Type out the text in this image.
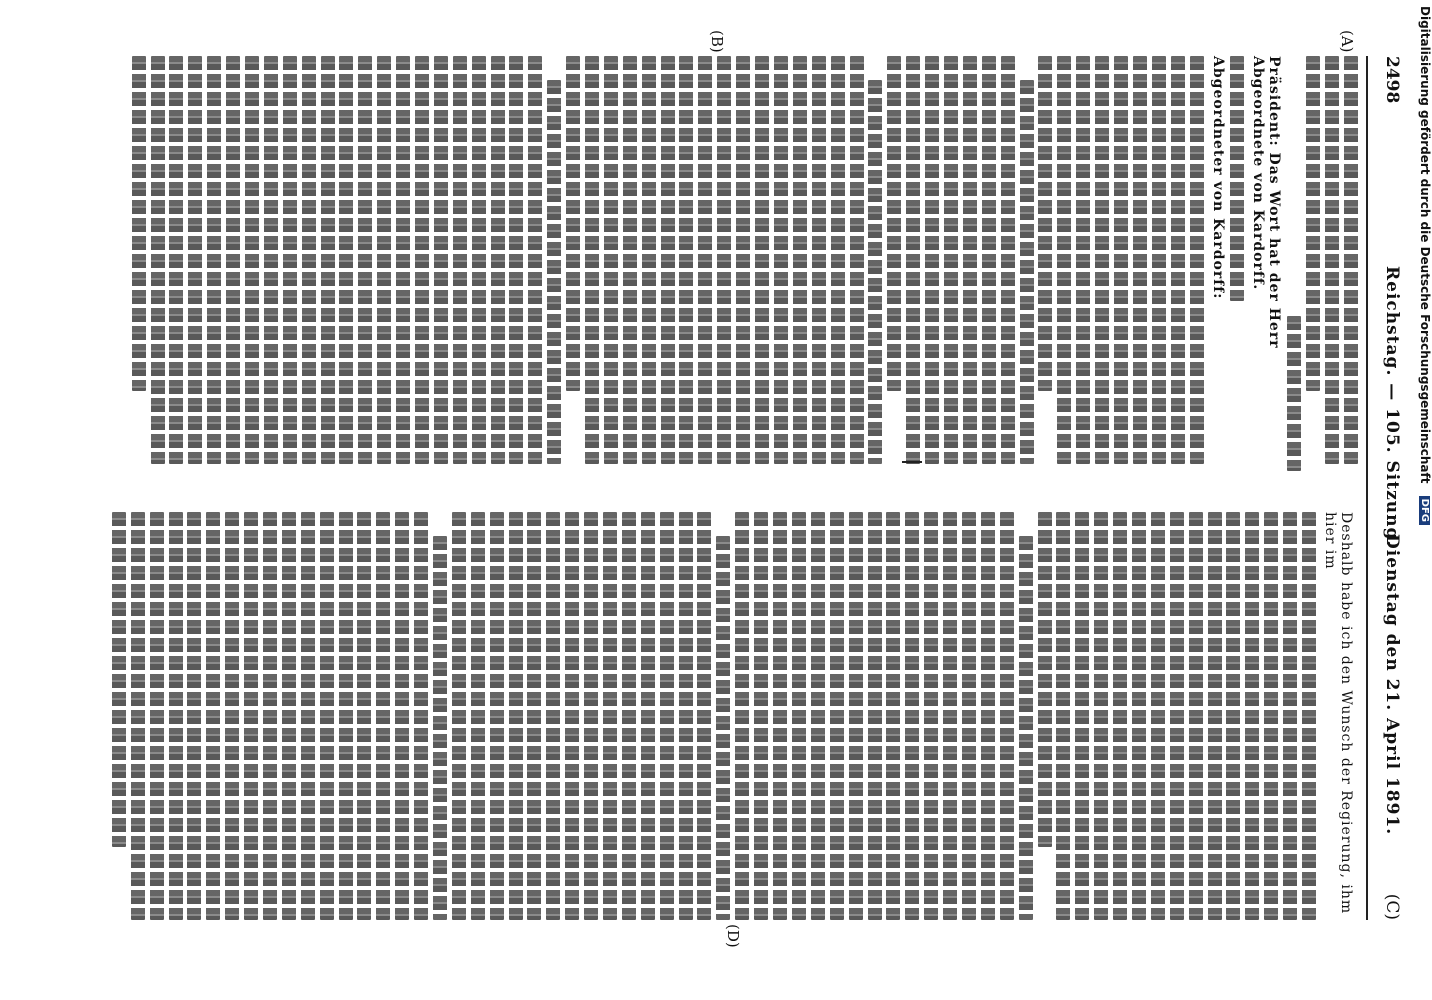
2498
Reichstag. — 105. Sitzung.
Dienstag den 21. April 1891.
(C)
(A)
(B)
(D)
Präsident: Das Wort hat der Herr Abgeordnete von Kardorff.
Abgeordneter von Kardorff:
Deshalb habe ich den Wunsch der Regierung, ihm hier im
Digitalisierung gefördert durch die Deutsche Forschungsgemeinschaft DFG
